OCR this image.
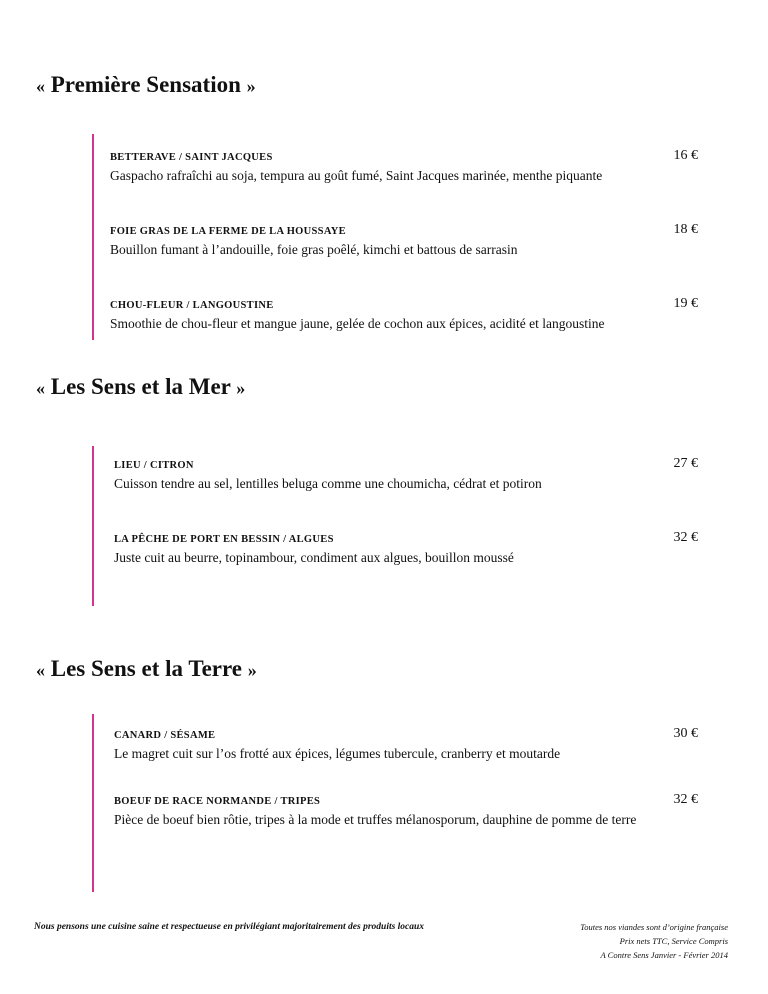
« Première Sensation »
BETTERAVE / SAINT JACQUES
Gaspacho rafraîchi au soja, tempura au goût fumé, Saint Jacques marinée, menthe piquante
16 €
FOIE GRAS DE LA FERME DE LA HOUSSAYE
Bouillon fumant à l’andouille, foie gras poêlé, kimchi et battous de sarrasin
18 €
CHOU-FLEUR / LANGOUSTINE
Smoothie de chou-fleur et mangue jaune, gelée de cochon aux épices, acidité et langoustine
19 €
« Les Sens et la Mer »
LIEU / CITRON
Cuisson tendre au sel, lentilles beluga comme une choumicha, cédrat et potiron
27 €
LA PÊCHE DE PORT EN BESSIN / ALGUES
Juste cuit au beurre, topinambour, condiment aux algues, bouillon moussé
32 €
« Les Sens et la Terre »
CANARD / SÉSAME
Le magret cuit sur l’os frotté aux épices, légumes tubercule, cranberry et moutarde
30 €
BOEUF DE RACE NORMANDE / TRIPES
Pièce de boeuf bien rôtie, tripes à la mode et truffes mélanosporum, dauphine de pomme de terre
32 €
Nous pensons une cuisine saine et respectueuse en privilégiant majoritairement des produits locaux	Toutes nos viandes sont d’origine française
Prix nets TTC, Service Compris
A Contre Sens Janvier - Février 2014
